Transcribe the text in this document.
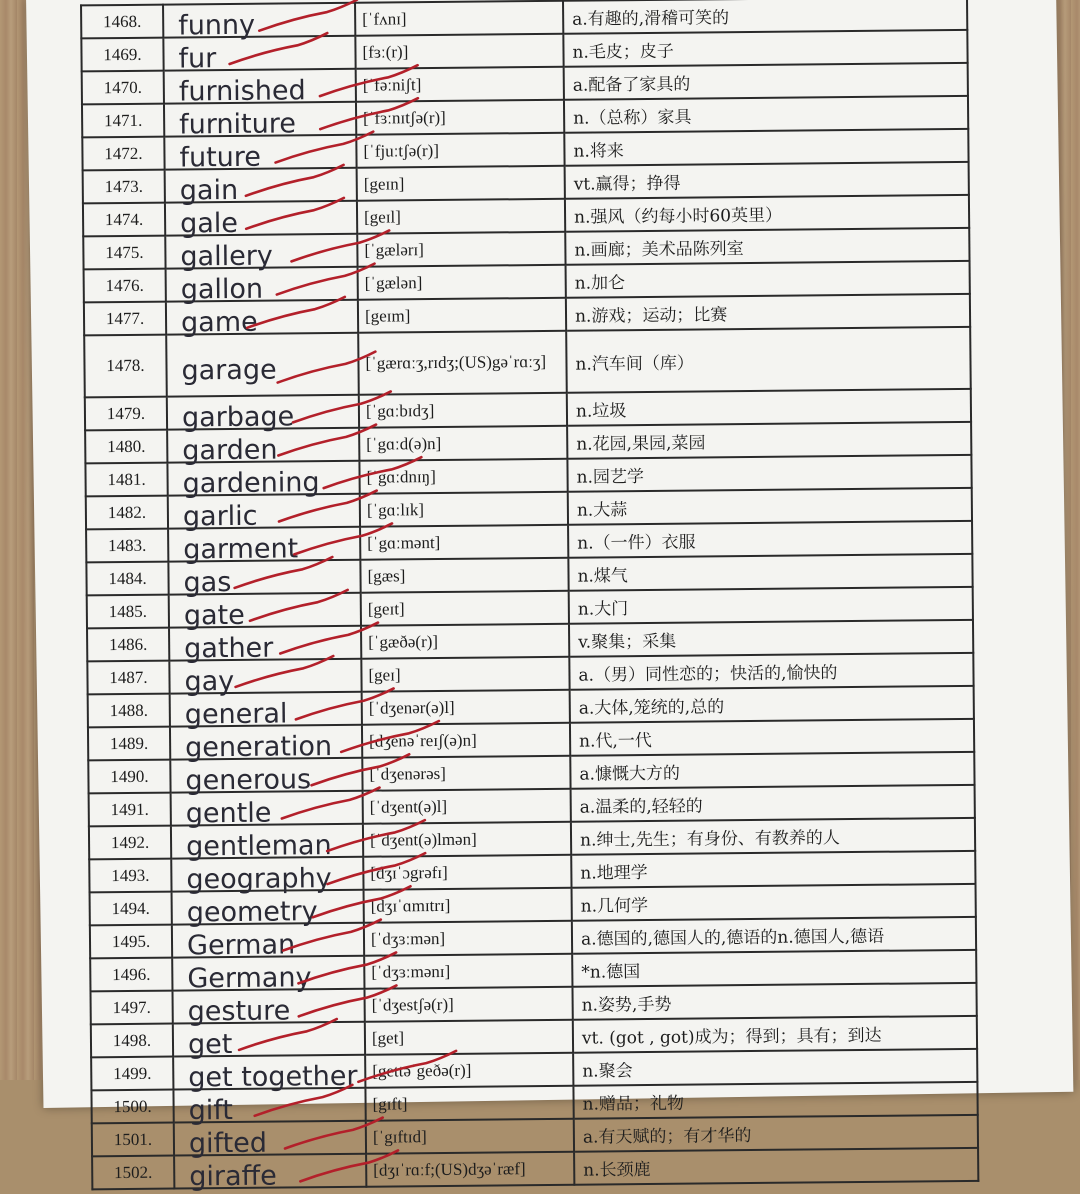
1468.	funny	[ˈfʌnɪ]	a.有趣的,滑稽可笑的
1469.	fur	[fɜː(r)]	n.毛皮；皮子
1470.	furnished	[ˈfəːniʃt]	a.配备了家具的
1471.	furniture	[ˈfɜːnɪtʃə(r)]	n.（总称）家具
1472.	future	[ˈfjuːtʃə(r)]	n.将来
1473.	gain	[geɪn]	vt.赢得；挣得
1474.	gale	[geɪl]	n.强风（约每小时60英里）
1475.	gallery	[ˈgælərɪ]	n.画廊；美术品陈列室
1476.	gallon	[ˈgælən]	n.加仑
1477.	game	[geɪm]	n.游戏；运动；比赛
1478.	garage	[ˈgærɑːʒ,rɪdʒ;(US)gəˈrɑːʒ]	n.汽车间（库）
1479.	garbage	[ˈgɑːbɪdʒ]	n.垃圾
1480.	garden	[ˈgɑːd(ə)n]	n.花园,果园,菜园
1481.	gardening	[ˈgɑːdnɪŋ]	n.园艺学
1482.	garlic	[ˈgɑːlɪk]	n.大蒜
1483.	garment	[ˈgɑːmənt]	n.（一件）衣服
1484.	gas	[gæs]	n.煤气
1485.	gate	[geɪt]	n.大门
1486.	gather	[ˈgæðə(r)]	v.聚集；采集
1487.	gay	[geɪ]	a.（男）同性恋的；快活的,愉快的
1488.	general	[ˈdʒenər(ə)l]	a.大体,笼统的,总的
1489.	generation	[dʒenəˈreɪʃ(ə)n]	n.代,一代
1490.	generous	[ˈdʒenərəs]	a.慷慨大方的
1491.	gentle	[ˈdʒent(ə)l]	a.温柔的,轻轻的
1492.	gentleman	[ˈdʒent(ə)lmən]	n.绅士,先生；有身份、有教养的人
1493.	geography	[dʒɪˈɔgrəfɪ]	n.地理学
1494.	geometry	[dʒɪˈɑmɪtrɪ]	n.几何学
1495.	German	[ˈdʒɜːmən]	a.德国的,德国人的,德语的n.德国人,德语
1496.	Germany	[ˈdʒɜːmənɪ]	*n.德国
1497.	gesture	[ˈdʒestʃə(r)]	n.姿势,手势
1498.	get	[get]	vt. (got , got)成为；得到；具有；到达
1499.	get together	[gettəˈgeðə(r)]	n.聚会
1500.	gift	[gɪft]	n.赠品；礼物
1501.	gifted	[ˈgɪftɪd]	a.有天赋的；有才华的
1502.	giraffe	[dʒɪˈrɑːf;(US)dʒəˈræf]	n.长颈鹿
